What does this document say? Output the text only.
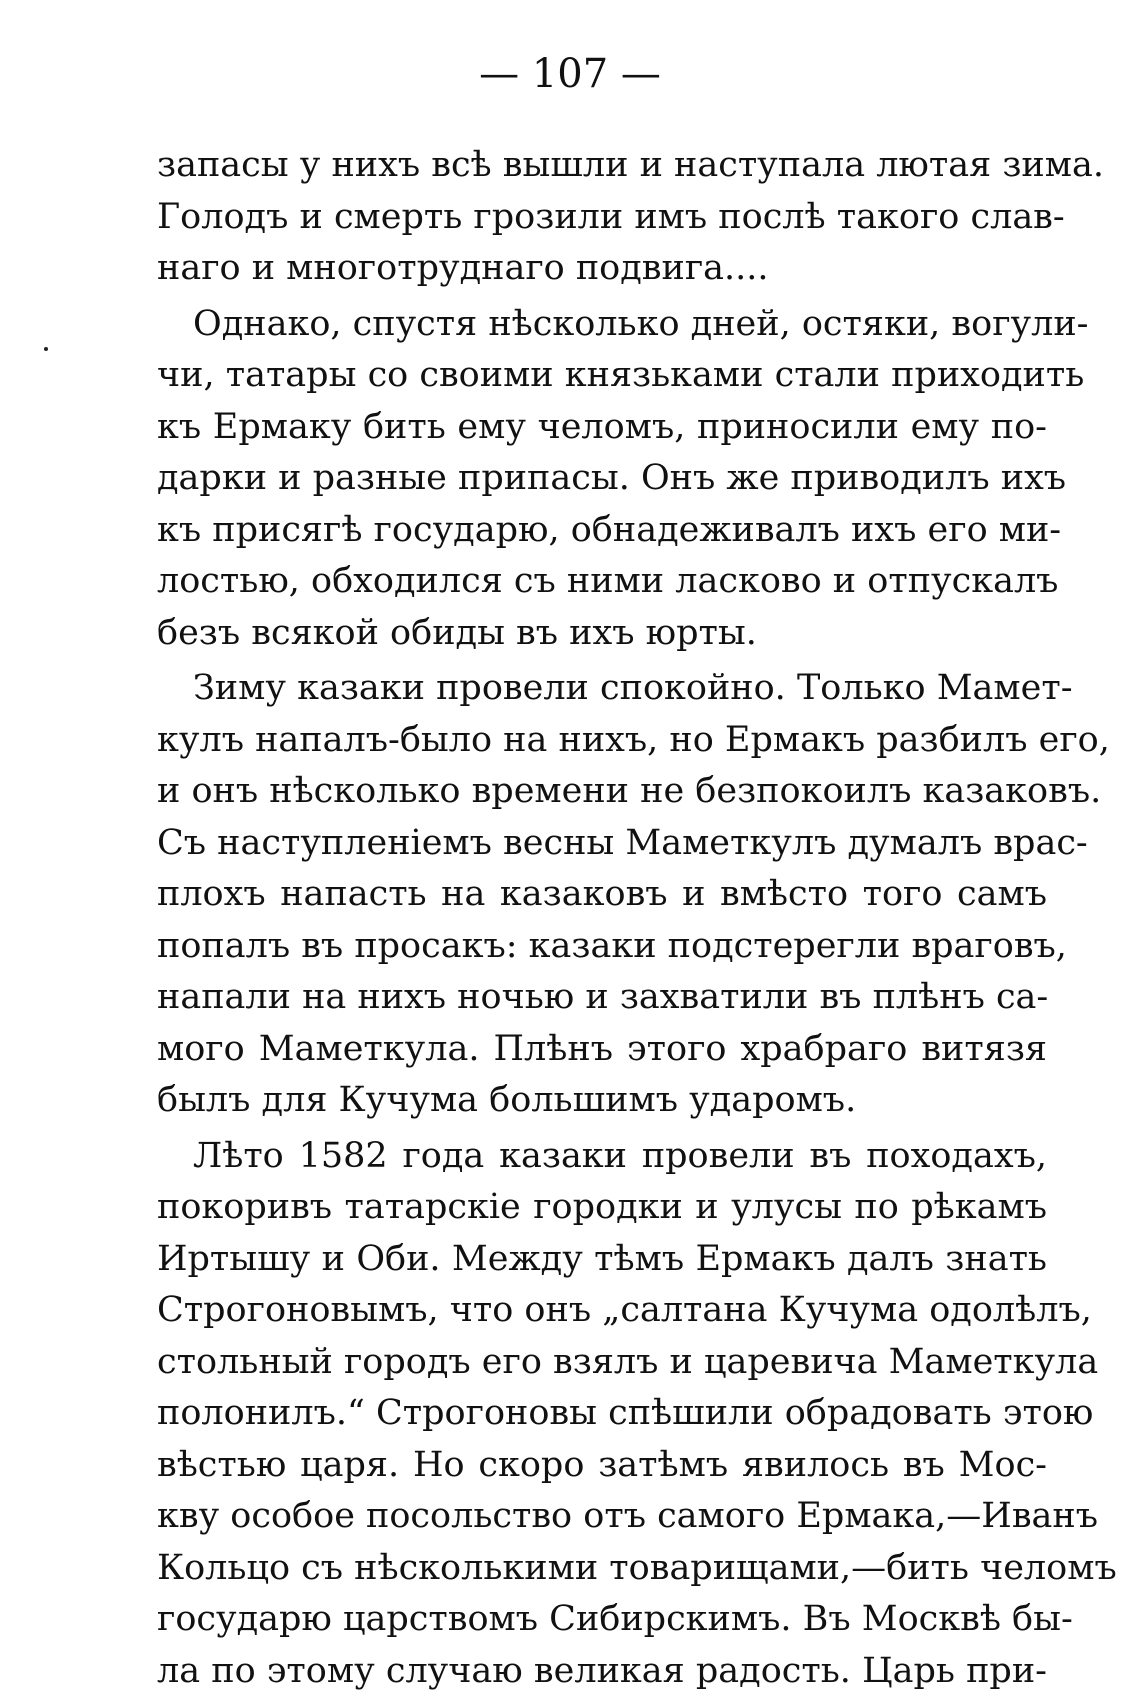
— 107 —

запасы у нихъ всѣ вышли и наступала лютая зима.
Голодъ и смерть грозили имъ послѣ такого слав-
наго и многотруднаго подвига....
Однако, спустя нѣсколько дней, остяки, вогули-
чи, татары со своими князьками стали приходить
къ Ермаку бить ему челомъ, приносили ему по-
дарки и разные припасы. Онъ же приводилъ ихъ
къ присягѣ государю, обнадеживалъ ихъ его ми-
лостью, обходился съ ними ласково и отпускалъ
безъ всякой обиды въ ихъ юрты.
Зиму казаки провели спокойно. Только Мамет-
кулъ напалъ-было на нихъ, но Ермакъ разбилъ его,
и онъ нѣсколько времени не безпокоилъ казаковъ.
Съ наступленіемъ весны Маметкулъ думалъ врас-
плохъ напасть на казаковъ и вмѣсто того самъ
попалъ въ просакъ: казаки подстерегли враговъ,
напали на нихъ ночью и захватили въ плѣнъ са-
мого Маметкула. Плѣнъ этого храбраго витязя
былъ для Кучума большимъ ударомъ.
Лѣто 1582 года казаки провели въ походахъ,
покоривъ татарскіе городки и улусы по рѣкамъ
Иртышу и Оби. Между тѣмъ Ермакъ далъ знать
Строгоновымъ, что онъ „салтана Кучума одолѣлъ,
стольный городъ его взялъ и царевича Маметкула
полонилъ.“ Строгоновы спѣшили обрадовать этою
вѣстью царя. Но скоро затѣмъ явилось въ Мос-
кву особое посольство отъ самого Ермака,—Иванъ
Кольцо съ нѣсколькими товарищами,—бить челомъ
государю царствомъ Сибирскимъ. Въ Москвѣ бы-
ла по этому случаю великая радость. Царь при-
